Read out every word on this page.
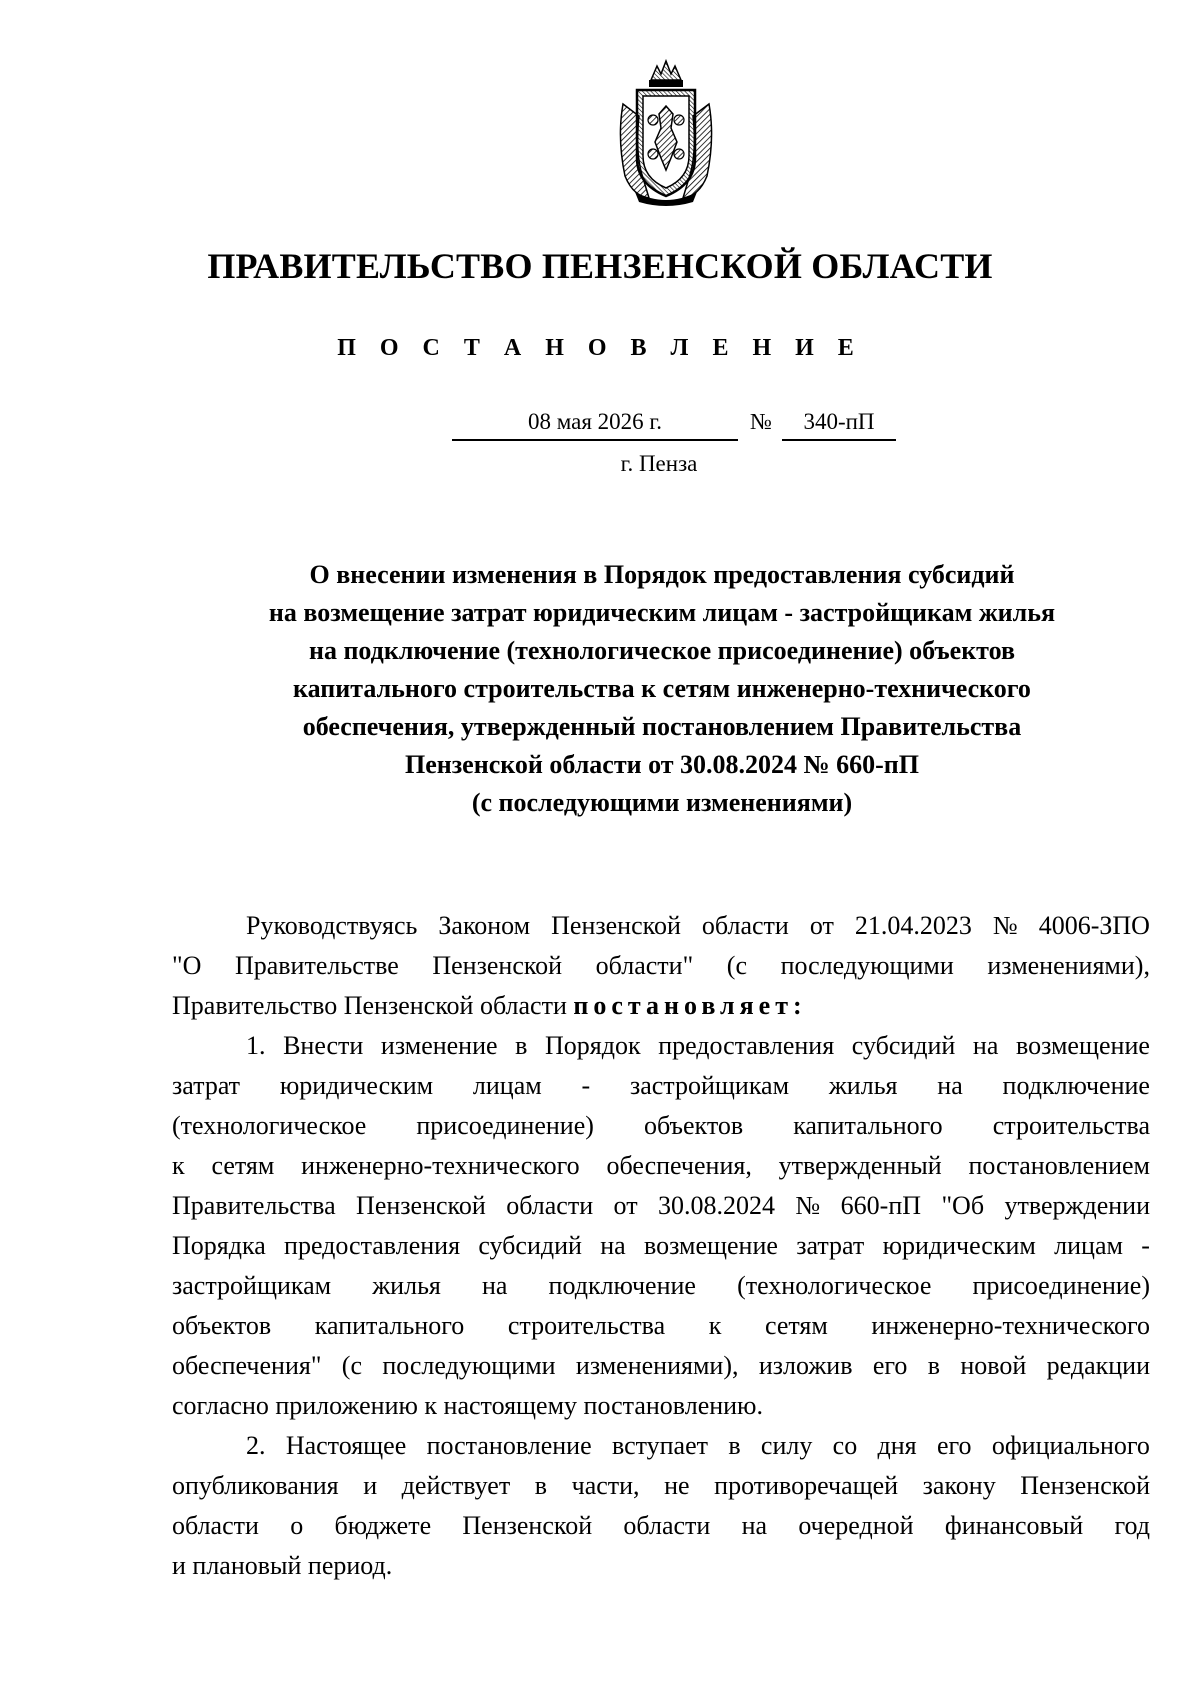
ПРАВИТЕЛЬСТВО ПЕНЗЕНСКОЙ ОБЛАСТИ
П О С Т А Н О В Л Е Н И Е
08 мая 2026 г.	№	340-пП
г. Пенза
О внесении изменения в Порядок предоставления субсидий
на возмещение затрат юридическим лицам - застройщикам жилья
на подключение (технологическое присоединение) объектов
капитального строительства к сетям инженерно-технического
обеспечения, утвержденный постановлением Правительства
Пензенской области от 30.08.2024 № 660-пП
(с последующими изменениями)
Руководствуясь Законом Пензенской области от 21.04.2023 № 4006-ЗПО
"О Правительстве Пензенской области" (с последующими изменениями),
Правительство Пензенской области постановляет:
1. Внести изменение в Порядок предоставления субсидий на возмещение
затрат юридическим лицам - застройщикам жилья на подключение
(технологическое присоединение) объектов капитального строительства
к сетям инженерно-технического обеспечения, утвержденный постановлением
Правительства Пензенской области от 30.08.2024 № 660-пП "Об утверждении
Порядка предоставления субсидий на возмещение затрат юридическим лицам -
застройщикам жилья на подключение (технологическое присоединение)
объектов капитального строительства к сетям инженерно-технического
обеспечения" (с последующими изменениями), изложив его в новой редакции
согласно приложению к настоящему постановлению.
2. Настоящее постановление вступает в силу со дня его официального
опубликования и действует в части, не противоречащей закону Пензенской
области о бюджете Пензенской области на очередной финансовый год
и плановый период.
